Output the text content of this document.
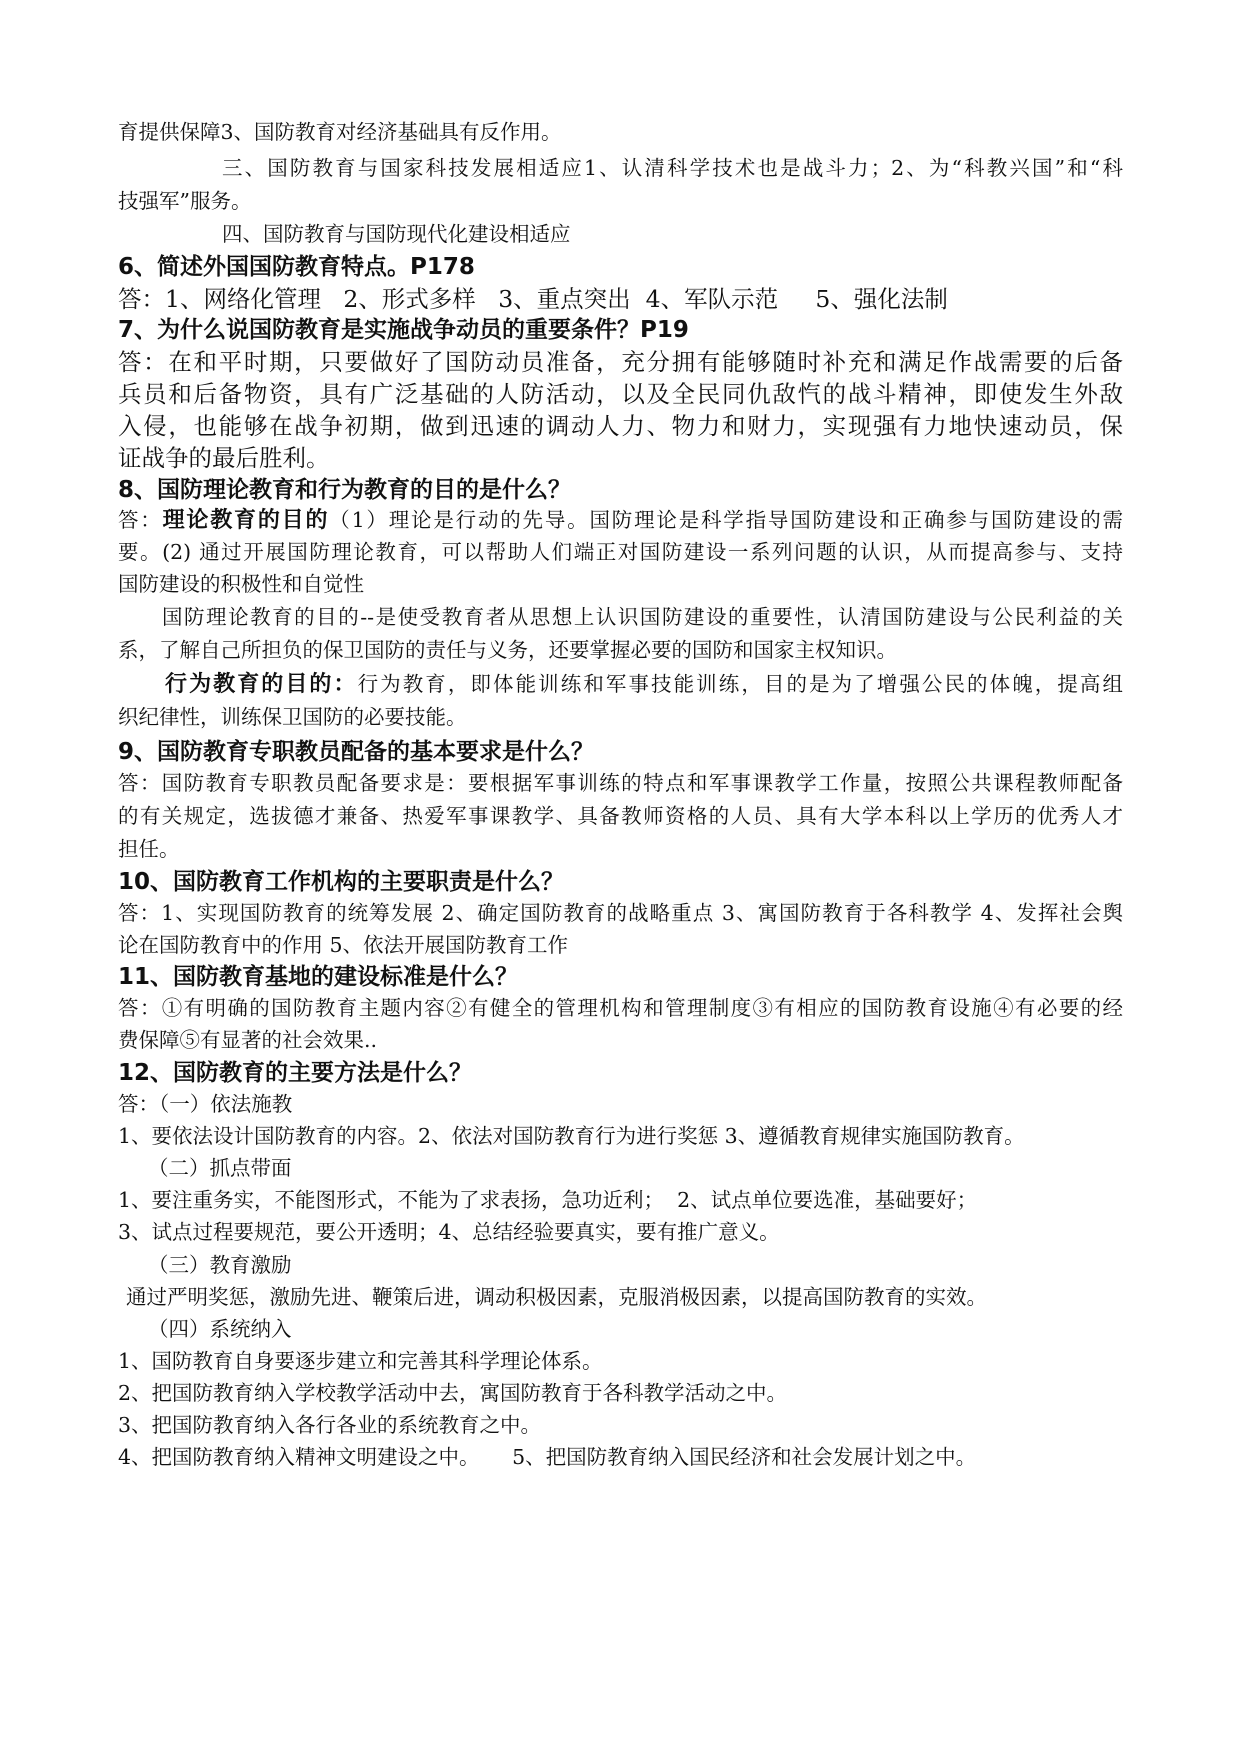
育提供保障3、国防教育对经济基础具有反作用。
三、国防教育与国家科技发展相适应1、认清科学技术也是战斗力；2、为“科教兴国”和“科
技强军”服务。
四、国防教育与国防现代化建设相适应
6、简述外国国防教育特点。P178
答：1、网络化管理   2、形式多样   3、重点突出  4、军队示范     5、强化法制
7、为什么说国防教育是实施战争动员的重要条件？P19
答：在和平时期，只要做好了国防动员准备，充分拥有能够随时补充和满足作战需要的后备
兵员和后备物资，具有广泛基础的人防活动，以及全民同仇敌忾的战斗精神，即使发生外敌
入侵，也能够在战争初期，做到迅速的调动人力、物力和财力，实现强有力地快速动员，保
证战争的最后胜利。
8、国防理论教育和行为教育的目的是什么？
答：理论教育的目的（1）理论是行动的先导。国防理论是科学指导国防建设和正确参与国防建设的需
要。(2) 通过开展国防理论教育，可以帮助人们端正对国防建设一系列问题的认识，从而提高参与、支持
国防建设的积极性和自觉性
国防理论教育的目的--是使受教育者从思想上认识国防建设的重要性，认清国防建设与公民利益的关
系，了解自己所担负的保卫国防的责任与义务，还要掌握必要的国防和国家主权知识。
行为教育的目的：行为教育，即体能训练和军事技能训练，目的是为了增强公民的体魄，提高组
织纪律性，训练保卫国防的必要技能。
9、国防教育专职教员配备的基本要求是什么？
答：国防教育专职教员配备要求是：要根据军事训练的特点和军事课教学工作量，按照公共课程教师配备
的有关规定，选拔德才兼备、热爱军事课教学、具备教师资格的人员、具有大学本科以上学历的优秀人才
担任。
10、国防教育工作机构的主要职责是什么？
答：1、实现国防教育的统筹发展 2、确定国防教育的战略重点 3、寓国防教育于各科教学 4、发挥社会舆
论在国防教育中的作用 5、依法开展国防教育工作
11、国防教育基地的建设标准是什么？
答：①有明确的国防教育主题内容②有健全的管理机构和管理制度③有相应的国防教育设施④有必要的经
费保障⑤有显著的社会效果..
12、国防教育的主要方法是什么？
答：（一）依法施教
1、要依法设计国防教育的内容。2、依法对国防教育行为进行奖惩 3、遵循教育规律实施国防教育。
（二）抓点带面
1、要注重务实，不能图形式，不能为了求表扬，急功近利；  2、试点单位要选准，基础要好；
3、试点过程要规范，要公开透明；4、总结经验要真实，要有推广意义。
（三）教育激励
通过严明奖惩，激励先进、鞭策后进，调动积极因素，克服消极因素，以提高国防教育的实效。
（四）系统纳入
1、国防教育自身要逐步建立和完善其科学理论体系。
2、把国防教育纳入学校教学活动中去，寓国防教育于各科教学活动之中。
3、把国防教育纳入各行各业的系统教育之中。
4、把国防教育纳入精神文明建设之中。     5、把国防教育纳入国民经济和社会发展计划之中。
